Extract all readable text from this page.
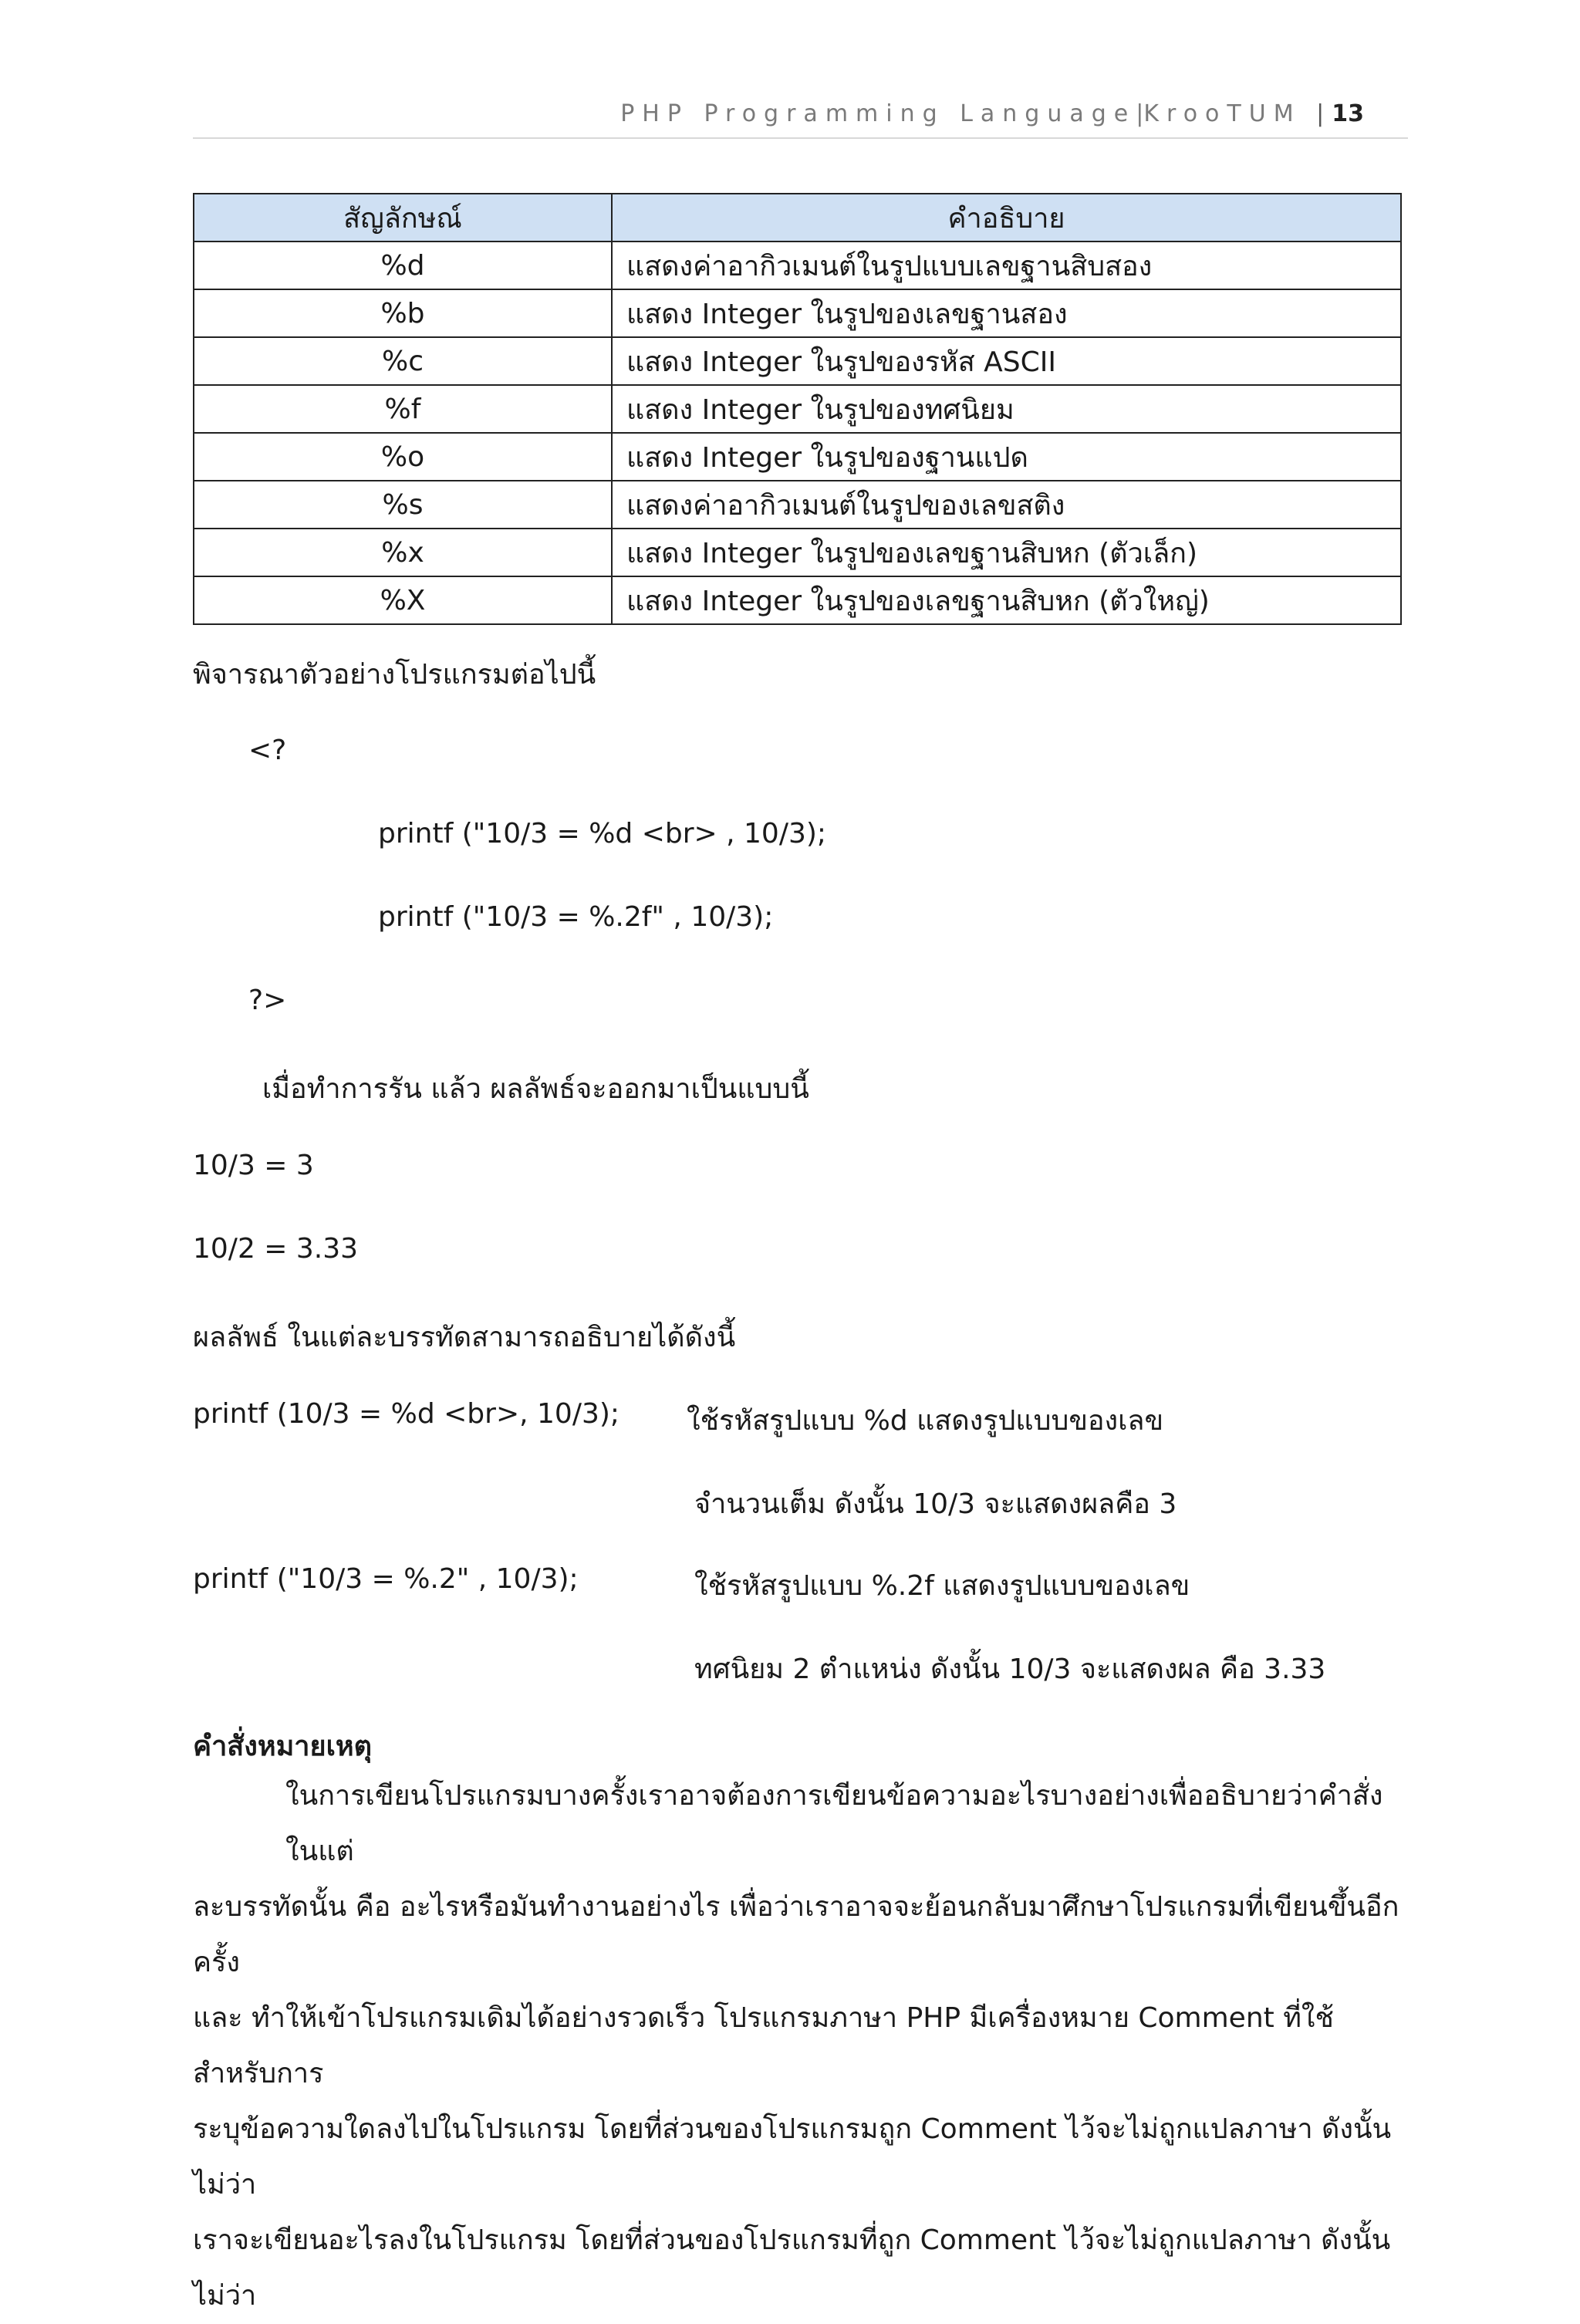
PHP Programming Language|KrooTUM | 13
สัญลักษณ์	คำอธิบาย
%d	แสดงค่าอากิวเมนต์ในรูปแบบเลขฐานสิบสอง
%b	แสดง Integer ในรูปของเลขฐานสอง
%c	แสดง Integer ในรูปของรหัส ASCII
%f	แสดง Integer ในรูปของทศนิยม
%o	แสดง Integer ในรูปของฐานแปด
%s	แสดงค่าอากิวเมนต์ในรูปของเลขสติง
%x	แสดง Integer ในรูปของเลขฐานสิบหก (ตัวเล็ก)
%X	แสดง Integer ในรูปของเลขฐานสิบหก (ตัวใหญ่)
พิจารณาตัวอย่างโปรแกรมต่อไปนี้
<?
printf ("10/3 = %d <br> , 10/3);
printf ("10/3 = %.2f" , 10/3);
?>
เมื่อทำการรัน แล้ว ผลลัพธ์จะออกมาเป็นแบบนี้
10/3 = 3
10/2 = 3.33
ผลลัพธ์ ในแต่ละบรรทัดสามารถอธิบายได้ดังนี้
printf (10/3 = %d <br>, 10/3); ใช้รหัสรูปแบบ %d แสดงรูปแบบของเลข
จำนวนเต็ม ดังนั้น 10/3 จะแสดงผลคือ 3
printf ("10/3 = %.2" , 10/3);	ใช้รหัสรูปแบบ %.2f แสดงรูปแบบของเลข
ทศนิยม 2 ตำแหน่ง ดังนั้น 10/3 จะแสดงผล คือ 3.33
คำสั่งหมายเหตุ
ในการเขียนโปรแกรมบางครั้งเราอาจต้องการเขียนข้อความอะไรบางอย่างเพื่ออธิบายว่าคำสั่งในแต่
ละบรรทัดนั้น คือ อะไรหรือมันทำงานอย่างไร เพื่อว่าเราอาจจะย้อนกลับมาศึกษาโปรแกรมที่เขียนขึ้นอีกครั้ง
และ ทำให้เข้าโปรแกรมเดิมได้อย่างรวดเร็ว โปรแกรมภาษา PHP มีเครื่องหมาย Comment ที่ใช้สำหรับการ
ระบุข้อความใดลงไปในโปรแกรม โดยที่ส่วนของโปรแกรมถูก Comment ไว้จะไม่ถูกแปลภาษา ดังนั้นไม่ว่า
เราจะเขียนอะไรลงในโปรแกรม โดยที่ส่วนของโปรแกรมที่ถูก Comment ไว้จะไม่ถูกแปลภาษา ดังนั้นไม่ว่า
